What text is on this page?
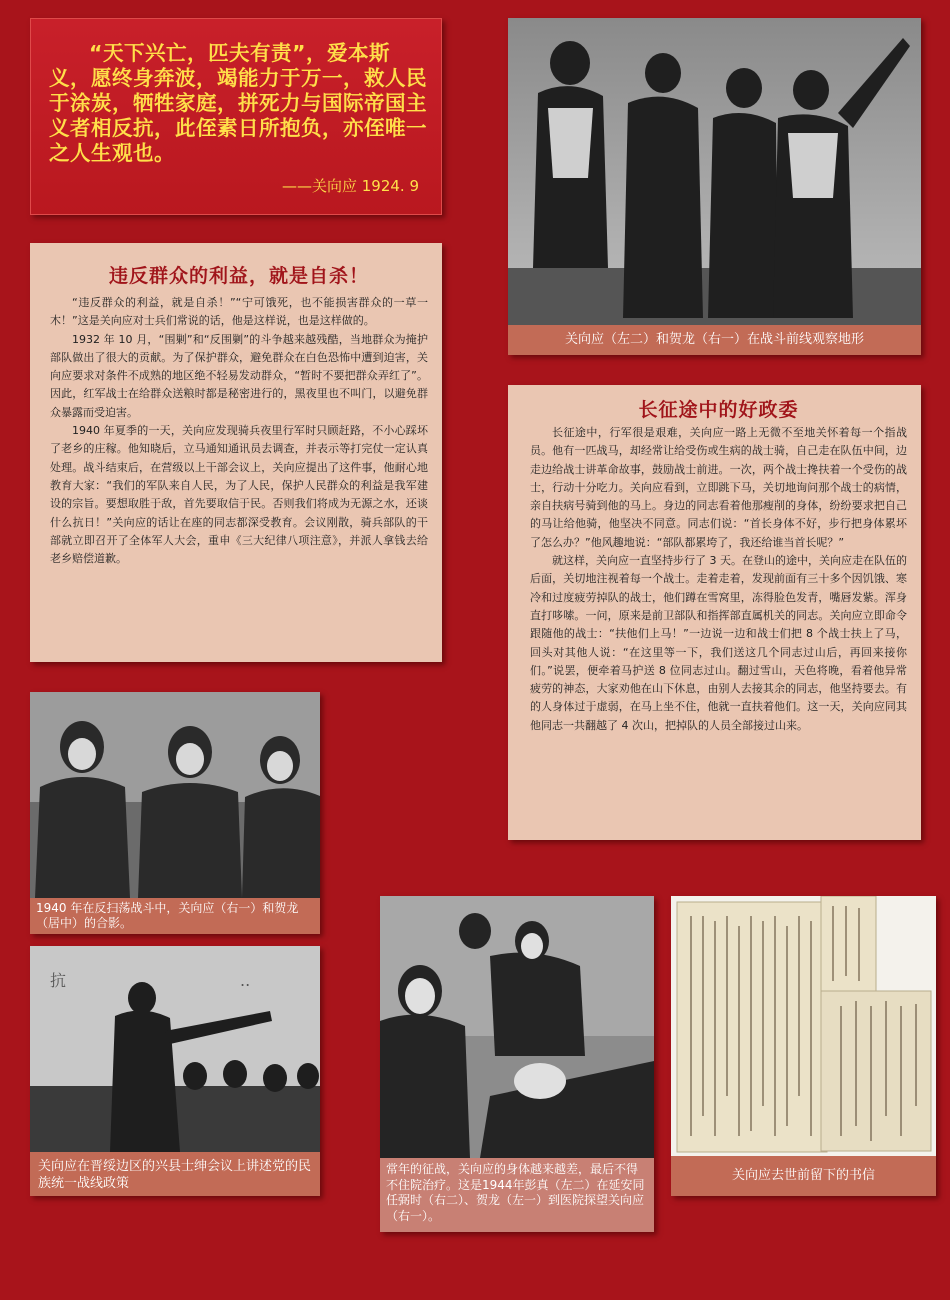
“天下兴亡，匹夫有责”，爱本斯义，愿终身奔波，竭能力于万一，救人民于涂炭，牺牲家庭，拼死力与国际帝国主义者相反抗，此侄素日所抱负，亦侄唯一之人生观也。
——关向应 1924. 9
关向应（左二）和贺龙（右一）在战斗前线观察地形
违反群众的利益，就是自杀！

“违反群众的利益，就是自杀！”“宁可饿死，也不能损害群众的一草一木！”这是关向应对士兵们常说的话，他是这样说，也是这样做的。

1932 年 10 月，“围剿”和“反围剿”的斗争越来越残酷，当地群众为掩护部队做出了很大的贡献。为了保护群众，避免群众在白色恐怖中遭到迫害，关向应要求对条件不成熟的地区绝不轻易发动群众，“暂时不要把群众弄红了”。因此，红军战士在给群众送粮时都是秘密进行的，黑夜里也不叫门，以避免群众暴露而受迫害。

1940 年夏季的一天，关向应发现骑兵夜里行军时只顾赶路，不小心踩坏了老乡的庄稼。他知晓后，立马通知通讯员去调查，并表示等打完仗一定认真处理。战斗结束后，在营级以上干部会议上，关向应提出了这件事，他耐心地教育大家：“我们的军队来自人民，为了人民，保护人民群众的利益是我军建设的宗旨。要想取胜于敌，首先要取信于民。否则我们将成为无源之水，还谈什么抗日！”关向应的话让在座的同志都深受教育。会议刚散，骑兵部队的干部就立即召开了全体军人大会，重申《三大纪律八项注意》，并派人拿钱去给老乡赔偿道歉。

长征途中的好政委

长征途中，行军很是艰难，关向应一路上无微不至地关怀着每一个指战员。他有一匹战马，却经常让给受伤或生病的战士骑，自己走在队伍中间，边走边给战士讲革命故事，鼓励战士前进。一次，两个战士搀扶着一个受伤的战士，行动十分吃力。关向应看到，立即跳下马，关切地询问那个战士的病情，亲自扶病号骑到他的马上。身边的同志看着他那瘦削的身体，纷纷要求把自己的马让给他骑，他坚决不同意。同志们说：“首长身体不好，步行把身体累坏了怎么办？”他风趣地说：“部队都累垮了，我还给谁当首长呢？”

就这样，关向应一直坚持步行了 3 天。在登山的途中，关向应走在队伍的后面，关切地注视着每一个战士。走着走着，发现前面有三十多个因饥饿、寒冷和过度疲劳掉队的战士，他们蹲在雪窝里，冻得脸色发青，嘴唇发紫。浑身直打哆嗦。一问，原来是前卫部队和指挥部直属机关的同志。关向应立即命令跟随他的战士：“扶他们上马！”一边说一边和战士们把 8 个战士扶上了马，回头对其他人说：“在这里等一下，我们送这几个同志过山后，再回来接你们。”说罢，便牵着马护送 8 位同志过山。翻过雪山，天色将晚，看着他异常疲劳的神态，大家劝他在山下休息，由别人去接其余的同志，他坚持要去。有的人身体过于虚弱，在马上坐不住，他就一直扶着他们。这一天，关向应同其他同志一共翻越了 4 次山，把掉队的人员全部接过山来。

1940 年在反扫荡战斗中，关向应（右一）和贺龙（居中）的合影。
抗	..
关向应在晋绥边区的兴县士绅会议上讲述党的民族统一战线政策
常年的征战，关向应的身体越来越差，最后不得不住院治疗。这是1944年彭真（左二）在延安同任弼时（右二）、贺龙（左一）到医院探望关向应（右一）。
关向应去世前留下的书信
